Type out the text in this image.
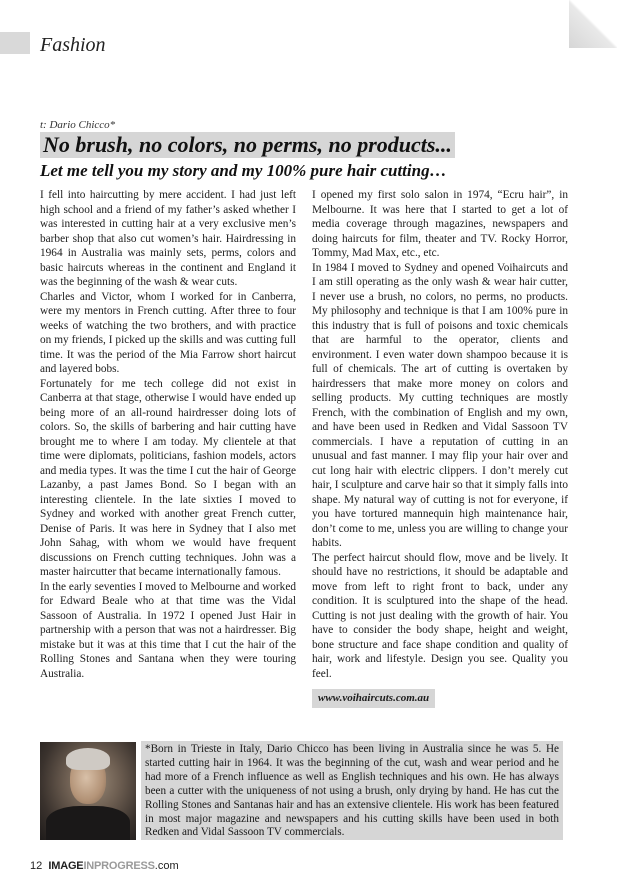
Fashion
t: Dario Chicco*
No brush, no colors, no perms, no products...
Let me tell you my story and my 100% pure hair cutting…

I fell into haircutting by mere accident. I had just left high school and a friend of my father’s asked whether I was interested in cutting hair at a very exclusive men’s barber shop that also cut women’s hair. Hairdressing in 1964 in Australia was mainly sets, perms, colors and basic haircuts whereas in the continent and England it was the beginning of the wash & wear cuts.

Charles and Victor, whom I worked for in Canberra, were my mentors in French cutting. After three to four weeks of watching the two brothers, and with practice on my friends, I picked up the skills and was cutting full time. It was the period of the Mia Farrow short haircut and layered bobs.

Fortunately for me tech college did not exist in Canberra at that stage, otherwise I would have ended up being more of an all-round hairdresser doing lots of colors. So, the skills of barbering and hair cutting have brought me to where I am today. My clientele at that time were diplomats, politicians, fashion models, actors and media types. It was the time I cut the hair of George Lazanby, a past James Bond. So I began with an interesting clientele. In the late sixties I moved to Sydney and worked with another great French cutter, Denise of Paris. It was here in Sydney that I also met John Sahag, with whom we would have frequent discussions on French cutting techniques. John was a master haircutter that became internationally famous.

In the early seventies I moved to Melbourne and worked for Edward Beale who at that time was the Vidal Sassoon of Australia. In 1972 I opened Just Hair in partnership with a person that was not a hairdresser. Big mistake but it was at this time that I cut the hair of the Rolling Stones and Santana when they were touring Australia.

I opened my first solo salon in 1974, “Ecru hair”, in Melbourne. It was here that I started to get a lot of media coverage through magazines, newspapers and doing haircuts for film, theater and TV. Rocky Horror, Tommy, Mad Max, etc., etc.

In 1984 I moved to Sydney and opened Voihaircuts and I am still operating as the only wash & wear hair cutter, I never use a brush, no colors, no perms, no products. My philosophy and technique is that I am 100% pure in this industry that is full of poisons and toxic chemicals that are harmful to the operator, clients and environment. I even water down shampoo because it is full of chemicals. The art of cutting is overtaken by hairdressers that make more money on colors and selling products. My cutting techniques are mostly French, with the combination of English and my own, and have been used in Redken and Vidal Sassoon TV commercials. I have a reputation of cutting in an unusual and fast manner. I may flip your hair over and cut long hair with electric clippers. I don’t merely cut hair, I sculpture and carve hair so that it simply falls into shape. My natural way of cutting is not for everyone, if you have tortured mannequin high maintenance hair, don’t come to me, unless you are willing to change your habits.

The perfect haircut should flow, move and be lively. It should have no restrictions, it should be adaptable and move from left to right front to back, under any condition. It is sculptured into the shape of the head. Cutting is not just dealing with the growth of hair. You have to consider the body shape, height and weight, bone structure and face shape condition and quality of hair, work and lifestyle. Design you see. Quality you feel.

www.voihaircuts.com.au
*Born in Trieste in Italy, Dario Chicco has been living in Australia since he was 5. He started cutting hair in 1964. It was the beginning of the cut, wash and wear period and he had more of a French influence as well as English techniques and his own. He has always been a cutter with the uniqueness of not using a brush, only drying by hand. He has cut the Rolling Stones and Santanas hair and has an extensive clientele. His work has been featured in most major magazine and newspapers and his cutting skills have been used in both Redken and Vidal Sassoon TV commercials.
12 IMAGEINPROGRESS.com
